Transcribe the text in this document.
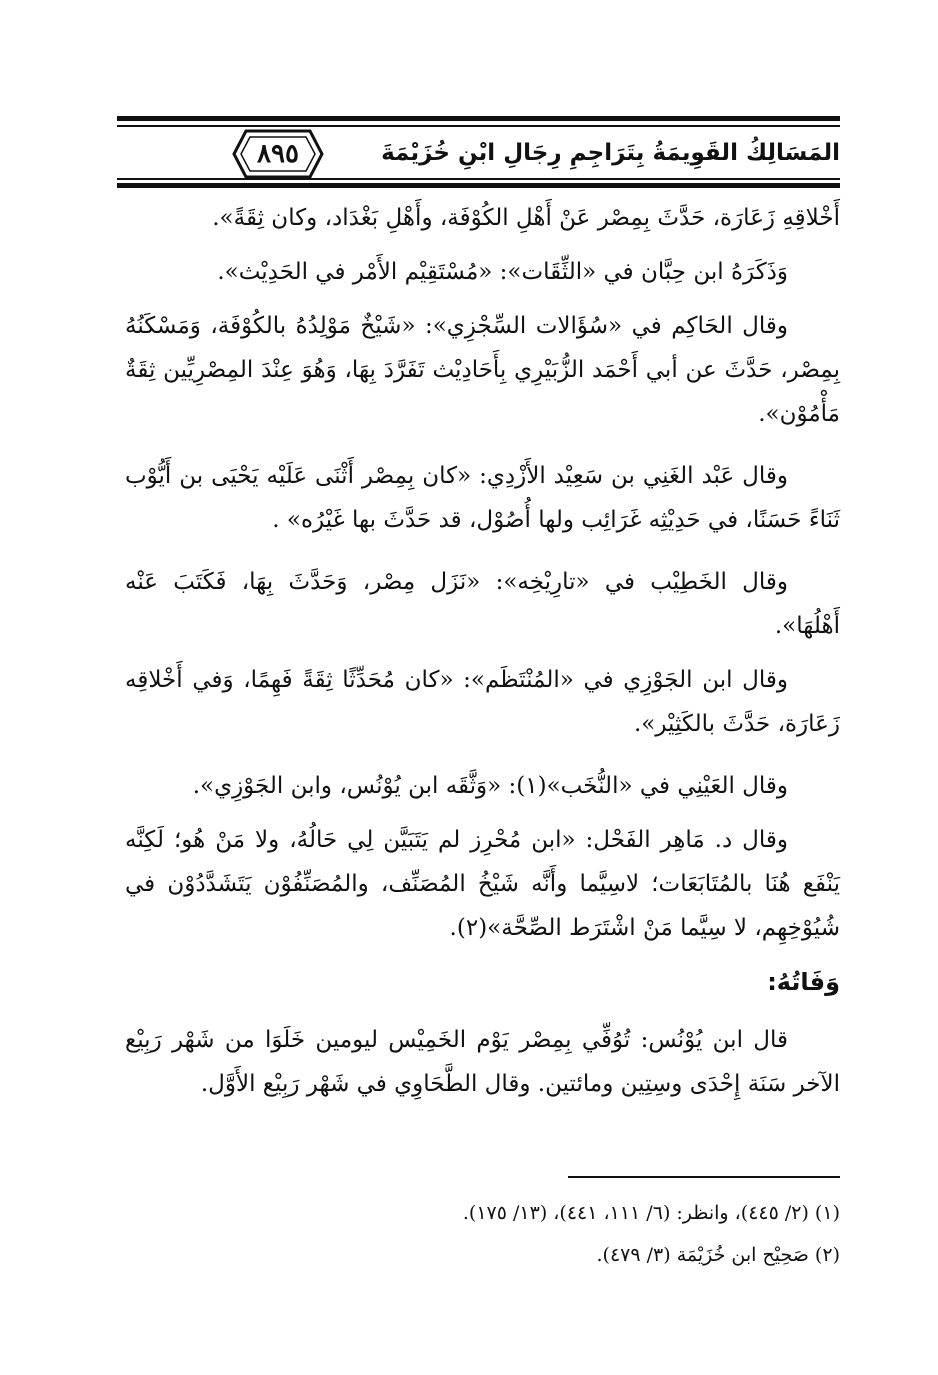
المَسَالِكُ القَوِيمَةُ بِتَرَاجِمِ رِجَالِ ابْنِ خُزَيْمَةَ
٨٩٥

أَخْلاقِهِ زَعَارَة، حَدَّثَ بِمِصْر عَنْ أَهْلِ الكُوْفَة، وأَهْلِ بَغْدَاد، وكان ثِقَةً».

وَذَكَرَهُ ابن حِبَّان في «الثِّقَات»: «مُسْتَقِيْم الأَمْر في الحَدِيْث».

وقال الحَاكِم في «سُؤَالات السِّجْزِي»: «شَيْخٌ مَوْلِدُهُ بالكُوْفَة، وَمَسْكَنُهُ بِمِصْر، حَدَّثَ عن أبي أَحْمَد الزُّبَيْرِي بِأَحَادِيْث تَفَرَّدَ بِهَا، وَهُوَ عِنْدَ المِصْرِيِّين ثِقَةٌ مَأْمُوْن».

وقال عَبْد الغَنِي بن سَعِيْد الأَزْدِي: «كان بِمِصْر أَثْنَى عَلَيْه يَحْيَى بن أَيُّوْب ثَنَاءً حَسَنًا، في حَدِيْثِه غَرَائِب ولها أُصُوْل، قد حَدَّثَ بها غَيْرُه» .

وقال الخَطِيْب في «تارِيْخِه»: «نَزَل مِصْر، وَحَدَّثَ بِهَا، فَكَتَبَ عَنْه أَهْلُهَا».

وقال ابن الجَوْزِي في «المُنْتَظَم»: «كان مُحَدِّثًا ثِقَةً فَهِمًا، وَفي أَخْلاقِه زَعَارَة، حَدَّثَ بالكَثِيْر».

وقال العَيْنِي في «النُّخَب»(١): «وَثَّقَه ابن يُوْنُس، وابن الجَوْزِي».

وقال د. مَاهِر الفَحْل: «ابن مُحْرِز لم يَتَبَيَّن لِي حَالُهُ، ولا مَنْ هُو؛ لَكِنَّه يَنْفَع هُنَا بالمُتَابَعَات؛ لاسِيَّما وأَنَّه شَيْخُ المُصَنِّف، والمُصَنِّفُوْن يَتَشَدَّدُوْن في شُيُوْخِهِم، لا سِيَّما مَنْ اشْتَرَط الصِّحَّة»(٢).

وَفَاتُهُ:

قال ابن يُوْنُس: تُوُفِّي بِمِصْر يَوْم الخَمِيْس ليومين خَلَوَا من شَهْر رَبِيْع الآخر سَنَة إِحْدَى وسِتِين ومائتين. وقال الطَّحَاوِي في شَهْر رَبِيْع الأَوَّل.

(١) (٢/ ٤٤٥)، وانظر: (٦/ ١١١، ٤٤١)، (١٣/ ١٧٥).

(٢) صَحِيْح ابن خُزَيْمَة (٣/ ٤٧٩).
